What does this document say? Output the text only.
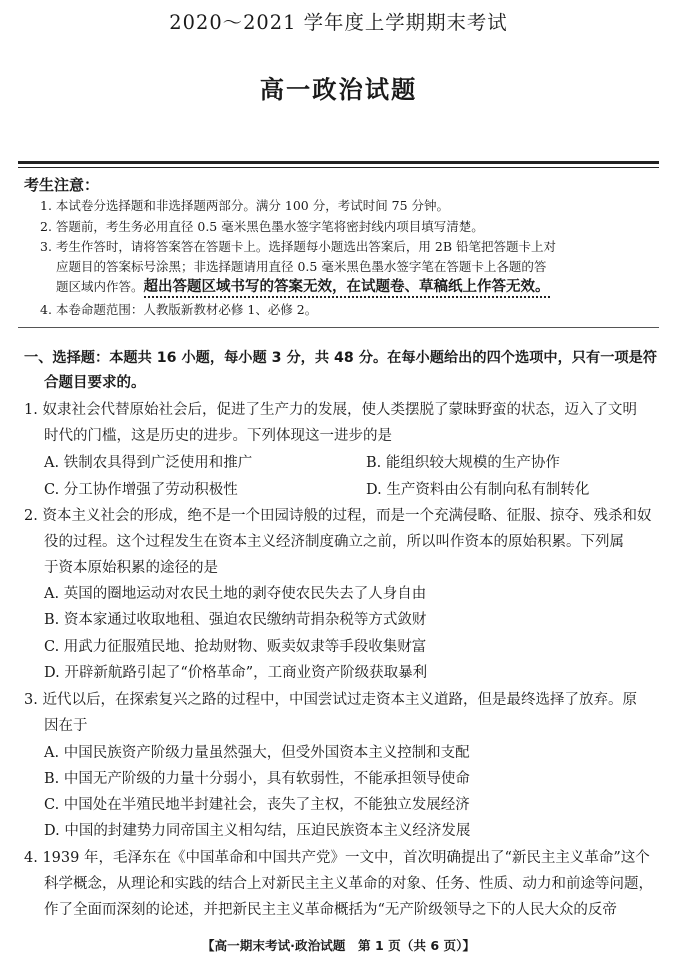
2020～2021 学年度上学期期末考试
高一政治试题
考生注意：
1. 本试卷分选择题和非选择题两部分。满分 100 分，考试时间 75 分钟。
2. 答题前，考生务必用直径 0.5 毫米黑色墨水签字笔将密封线内项目填写清楚。
3. 考生作答时，请将答案答在答题卡上。选择题每小题选出答案后，用 2B 铅笔把答题卡上对
应题目的答案标号涂黑；非选择题请用直径 0.5 毫米黑色墨水签字笔在答题卡上各题的答
题区域内作答。超出答题区域书写的答案无效，在试题卷、草稿纸上作答无效。
4. 本卷命题范围：人教版新教材必修 1、必修 2。
一、选择题：本题共 16 小题，每小题 3 分，共 48 分。在每小题给出的四个选项中，只有一项是符
合题目要求的。
1. 奴隶社会代替原始社会后，促进了生产力的发展，使人类摆脱了蒙昧野蛮的状态，迈入了文明
时代的门槛，这是历史的进步。下列体现这一进步的是
A. 铁制农具得到广泛使用和推广	B. 能组织较大规模的生产协作
C. 分工协作增强了劳动积极性	D. 生产资料由公有制向私有制转化
2. 资本主义社会的形成，绝不是一个田园诗般的过程，而是一个充满侵略、征服、掠夺、残杀和奴
役的过程。这个过程发生在资本主义经济制度确立之前，所以叫作资本的原始积累。下列属
于资本原始积累的途径的是
A. 英国的圈地运动对农民土地的剥夺使农民失去了人身自由
B. 资本家通过收取地租、强迫农民缴纳苛捐杂税等方式敛财
C. 用武力征服殖民地、抢劫财物、贩卖奴隶等手段收集财富
D. 开辟新航路引起了“价格革命”，工商业资产阶级获取暴利
3. 近代以后，在探索复兴之路的过程中，中国尝试过走资本主义道路，但是最终选择了放弃。原
因在于
A. 中国民族资产阶级力量虽然强大，但受外国资本主义控制和支配
B. 中国无产阶级的力量十分弱小，具有软弱性，不能承担领导使命
C. 中国处在半殖民地半封建社会，丧失了主权，不能独立发展经济
D. 中国的封建势力同帝国主义相勾结，压迫民族资本主义经济发展
4. 1939 年，毛泽东在《中国革命和中国共产党》一文中，首次明确提出了“新民主主义革命”这个
科学概念，从理论和实践的结合上对新民主主义革命的对象、任务、性质、动力和前途等问题，
作了全面而深刻的论述，并把新民主主义革命概括为“无产阶级领导之下的人民大众的反帝
【高一期末考试·政治试题　第 1 页（共 6 页）】
